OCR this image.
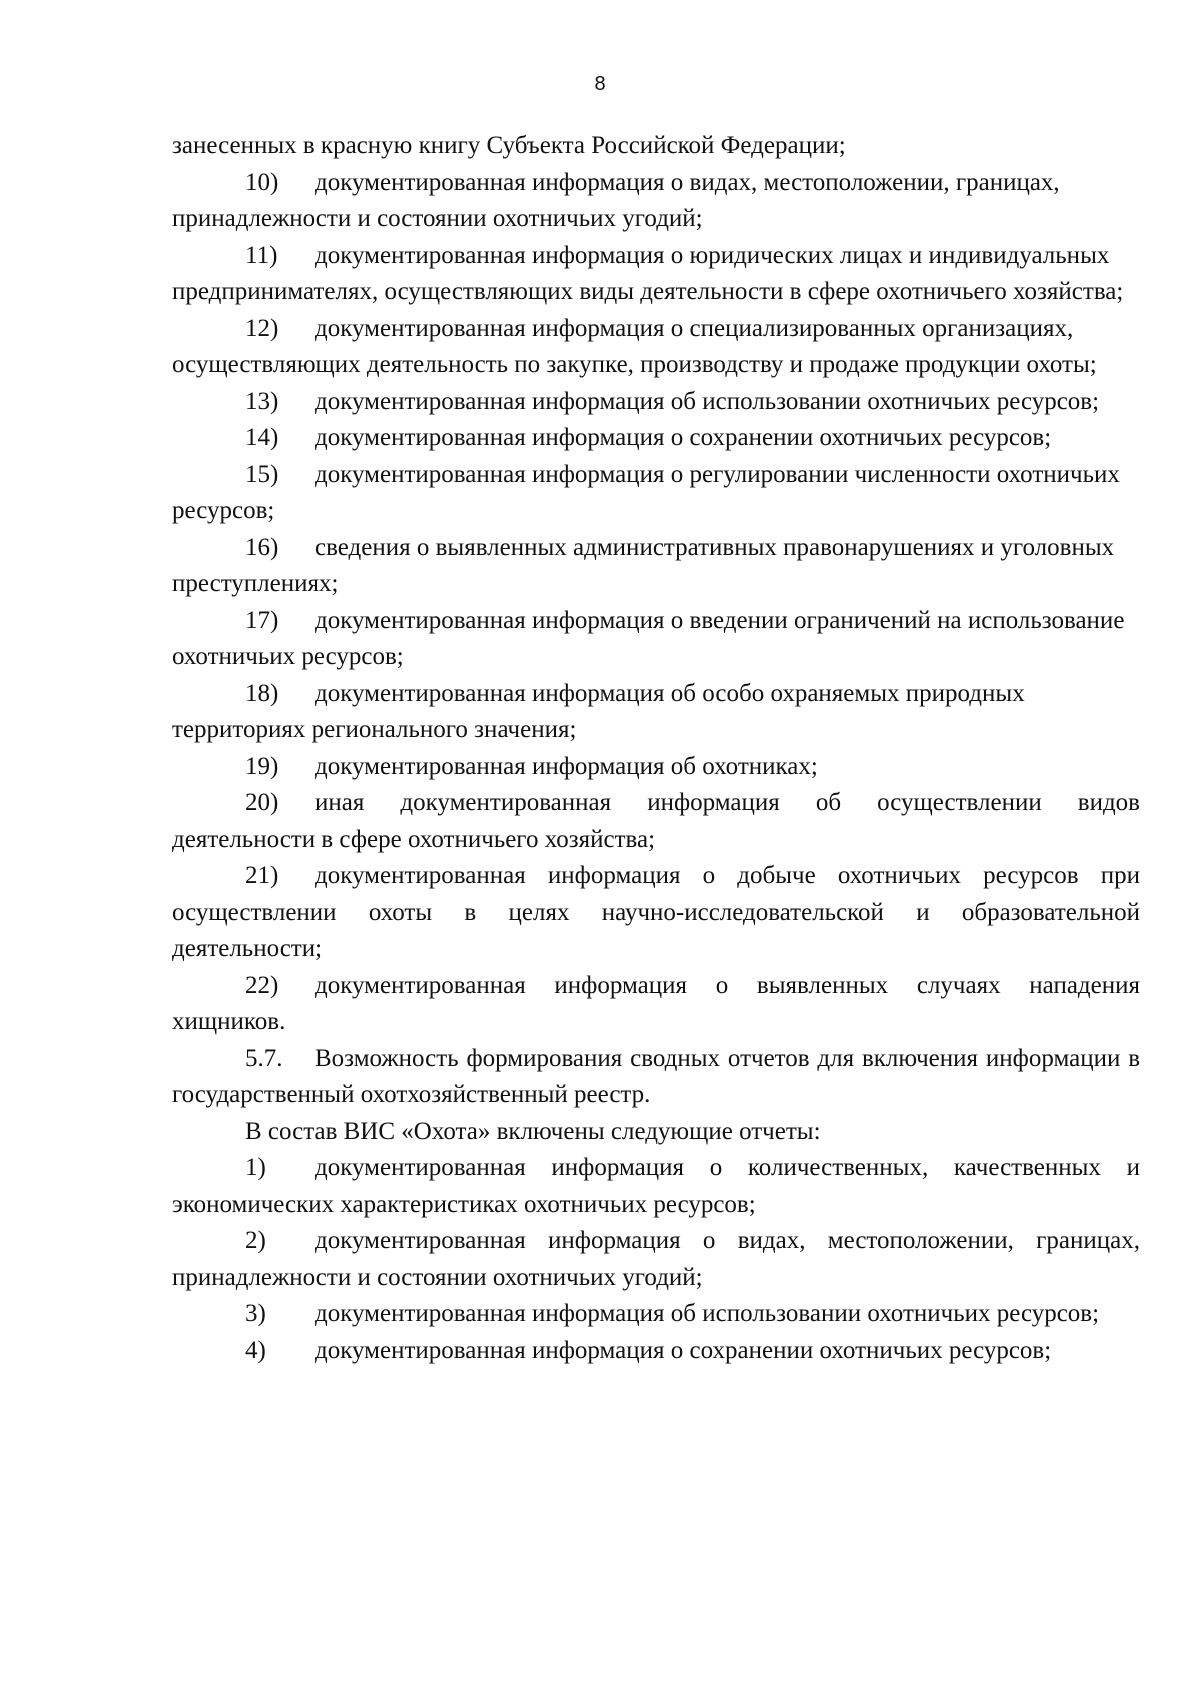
8

занесенных в красную книгу Субъекта Российской Федерации;

10) документированная информация о видах, местоположении, границах, принадлежности и состоянии охотничьих угодий;

11) документированная информация о юридических лицах и индивидуальных предпринимателях, осуществляющих виды деятельности в сфере охотничьего хозяйства;

12) документированная информация о специализированных организациях, осуществляющих деятельность по закупке, производству и продаже продукции охоты;

13) документированная информация об использовании охотничьих ресурсов;

14) документированная информация о сохранении охотничьих ресурсов;

15) документированная информация о регулировании численности охотничьих ресурсов;

16) сведения о выявленных административных правонарушениях и уголовных преступлениях;

17) документированная информация о введении ограничений на использование охотничьих ресурсов;

18) документированная информация об особо охраняемых природных территориях регионального значения;

19) документированная информация об охотниках;

20) иная документированная информация об осуществлении видов деятельности в сфере охотничьего хозяйства;

21) документированная информация о добыче охотничьих ресурсов при осуществлении охоты в целях научно-исследовательской и образовательной деятельности;

22) документированная информация о выявленных случаях нападения хищников.

5.7. Возможность формирования сводных отчетов для включения информации в государственный охотхозяйственный реестр.

В состав ВИС «Охота» включены следующие отчеты:

1) документированная информация о количественных, качественных и экономических характеристиках охотничьих ресурсов;

2) документированная информация о видах, местоположении, границах, принадлежности и состоянии охотничьих угодий;

3) документированная информация об использовании охотничьих ресурсов;

4) документированная информация о сохранении охотничьих ресурсов;
